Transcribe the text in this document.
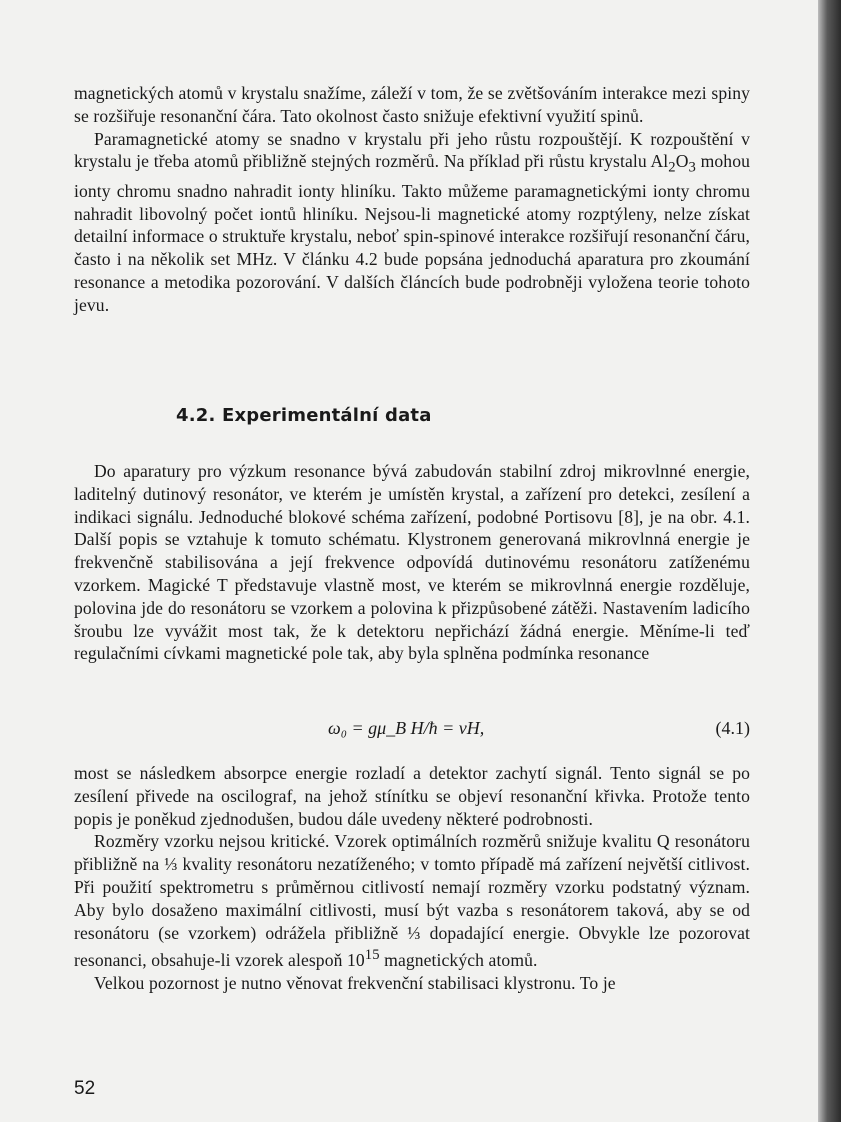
magnetických atomů v krystalu snažíme, záleží v tom, že se zvětšováním interakce mezi spiny se rozšiřuje resonanční čára. Tato okolnost často snižuje efektivní využití spinů.

Paramagnetické atomy se snadno v krystalu při jeho růstu rozpouštějí. K rozpouštění v krystalu je třeba atomů přibližně stejných rozměrů. Na příklad při růstu krystalu $Al_2O_3$ mohou ionty chromu snadno nahradit ionty hliníku. Takto můžeme paramagnetickými ionty chromu nahradit libovolný počet iontů hliníku. Nejsou-li magnetické atomy rozptýleny, nelze získat detailní informace o struktuře krystalu, neboť spin-spinové interakce rozšiřují resonanční čáru, často i na několik set MHz. V článku 4.2 bude popsána jednoduchá aparatura pro zkoumání resonance a metodika pozorování. V dalších článcích bude podrobněji vyložena teorie tohoto jevu.

4.2. Experimentální data

Do aparatury pro výzkum resonance bývá zabudován stabilní zdroj mikrovlnné energie, laditelný dutinový resonátor, ve kterém je umístěn krystal, a zařízení pro detekci, zesílení a indikaci signálu. Jednoduché blokové schéma zařízení, podobné Portisovu [8], je na obr. 4.1. Další popis se vztahuje k tomuto schématu. Klystronem generovaná mikrovlnná energie je frekvenčně stabilisována a její frekvence odpovídá dutinovému resonátoru zatíženému vzorkem. Magické T představuje vlastně most, ve kterém se mikrovlnná energie rozděluje, polovina jde do resonátoru se vzorkem a polovina k přizpůsobené zátěži. Nastavením ladicího šroubu lze vyvážit most tak, že k detektoru nepřichází žádná energie. Měníme-li teď regulačními cívkami magnetické pole tak, aby byla splněna podmínka resonance

ω₀ = gμ_B H/ħ = νH,	(4.1)

most se následkem absorpce energie rozladí a detektor zachytí signál. Tento signál se po zesílení přivede na oscilograf, na jehož stínítku se objeví resonanční křivka. Protože tento popis je poněkud zjednodušen, budou dále uvedeny některé podrobnosti.

Rozměry vzorku nejsou kritické. Vzorek optimálních rozměrů snižuje kvalitu Q resonátoru přibližně na ⅓ kvality resonátoru nezatíženého; v tomto případě má zařízení největší citlivost. Při použití spektrometru s průměrnou citlivostí nemají rozměry vzorku podstatný význam. Aby bylo dosaženo maximální citlivosti, musí být vazba s resonátorem taková, aby se od resonátoru (se vzorkem) odrážela přibližně ⅓ dopadající energie. Obvykle lze pozorovat resonanci, obsahuje-li vzorek alespoň $10^{15}$ magnetických atomů.

Velkou pozornost je nutno věnovat frekvenční stabilisaci klystronu. To je

52
